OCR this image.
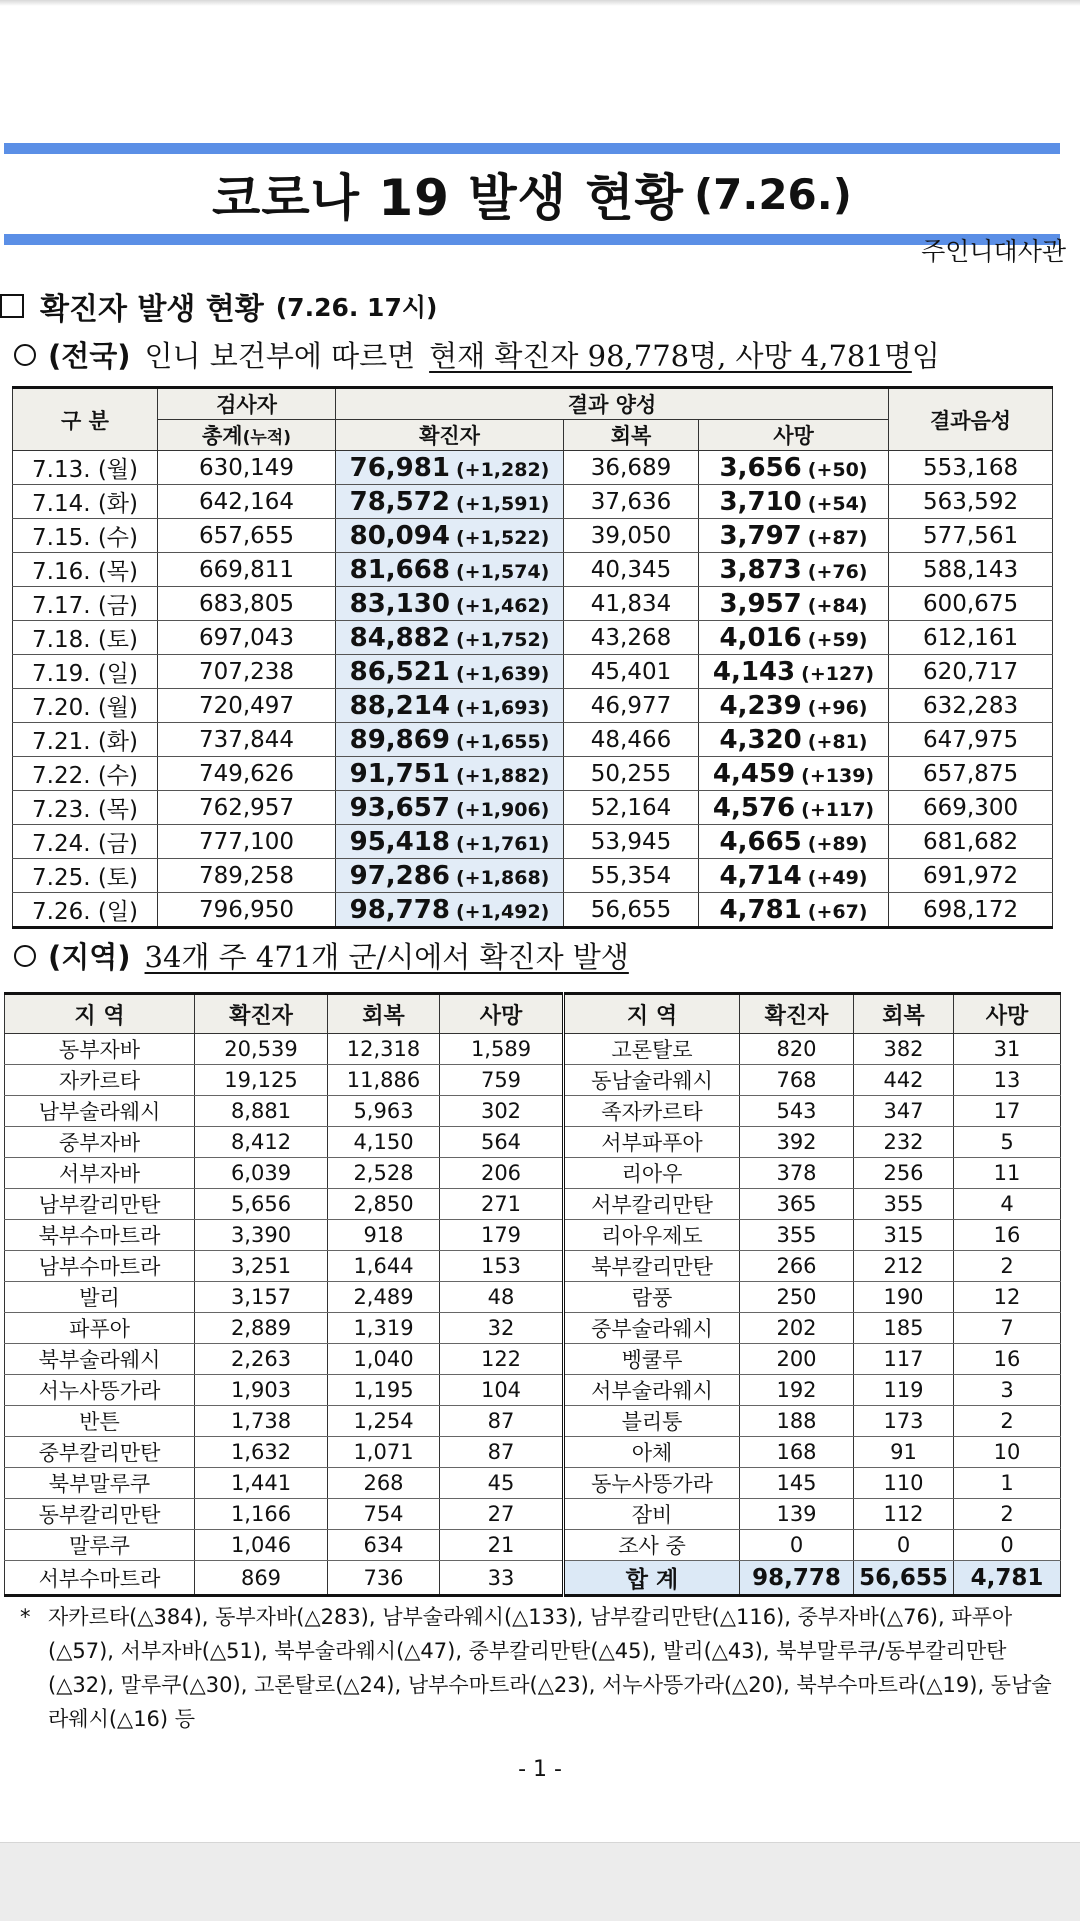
코로나 19 발생 현황 (7.26.)
주인니대사관
확진자 발생 현황 (7.26. 17시)
(전국) 인니 보건부에 따르면 현재 확진자 98,778명, 사망 4,781명 임
구 분	검사자	결과 양성			결과음성
	총계(누적)	확진자	회복	사망	
7.13. (월)	630,149	76,981 (+1,282)	36,689	3,656 (+50)	553,168
7.14. (화)	642,164	78,572 (+1,591)	37,636	3,710 (+54)	563,592
7.15. (수)	657,655	80,094 (+1,522)	39,050	3,797 (+87)	577,561
7.16. (목)	669,811	81,668 (+1,574)	40,345	3,873 (+76)	588,143
7.17. (금)	683,805	83,130 (+1,462)	41,834	3,957 (+84)	600,675
7.18. (토)	697,043	84,882 (+1,752)	43,268	4,016 (+59)	612,161
7.19. (일)	707,238	86,521 (+1,639)	45,401	4,143 (+127)	620,717
7.20. (월)	720,497	88,214 (+1,693)	46,977	4,239 (+96)	632,283
7.21. (화)	737,844	89,869 (+1,655)	48,466	4,320 (+81)	647,975
7.22. (수)	749,626	91,751 (+1,882)	50,255	4,459 (+139)	657,875
7.23. (목)	762,957	93,657 (+1,906)	52,164	4,576 (+117)	669,300
7.24. (금)	777,100	95,418 (+1,761)	53,945	4,665 (+89)	681,682
7.25. (토)	789,258	97,286 (+1,868)	55,354	4,714 (+49)	691,972
7.26. (일)	796,950	98,778 (+1,492)	56,655	4,781 (+67)	698,172
(지역) 34개 주 471개 군/시에서 확진자 발생
지 역	확진자	회복	사망	지 역	확진자	회복	사망
동부자바	20,539	12,318	1,589	고론탈로	820	382	31
자카르타	19,125	11,886	759	동남술라웨시	768	442	13
남부술라웨시	8,881	5,963	302	족자카르타	543	347	17
중부자바	8,412	4,150	564	서부파푸아	392	232	5
서부자바	6,039	2,528	206	리아우	378	256	11
남부칼리만탄	5,656	2,850	271	서부칼리만탄	365	355	4
북부수마트라	3,390	918	179	리아우제도	355	315	16
남부수마트라	3,251	1,644	153	북부칼리만탄	266	212	2
발리	3,157	2,489	48	람풍	250	190	12
파푸아	2,889	1,319	32	중부술라웨시	202	185	7
북부술라웨시	2,263	1,040	122	벵쿨루	200	117	16
서누사뜽가라	1,903	1,195	104	서부술라웨시	192	119	3
반튼	1,738	1,254	87	블리퉁	188	173	2
중부칼리만탄	1,632	1,071	87	아체	168	91	10
북부말루쿠	1,441	268	45	동누사뜽가라	145	110	1
동부칼리만탄	1,166	754	27	잠비	139	112	2
말루쿠	1,046	634	21	조사 중	0	0	0
서부수마트라	869	736	33	합 계	98,778	56,655	4,781
* 자카르타(△384), 동부자바(△283), 남부술라웨시(△133), 남부칼리만탄(△116), 중부자바(△76), 파푸아(△57), 서부자바(△51), 북부술라웨시(△47), 중부칼리만탄(△45), 발리(△43), 북부말루쿠/동부칼리만탄(△32), 말루쿠(△30), 고론탈로(△24), 남부수마트라(△23), 서누사뜽가라(△20), 북부수마트라(△19), 동남술라웨시(△16) 등
- 1 -
